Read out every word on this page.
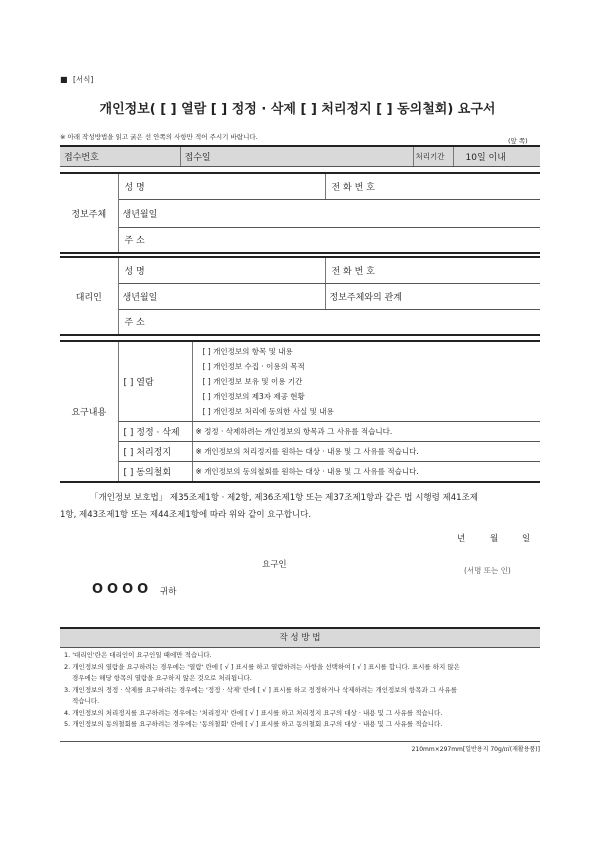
■ [서식]
개인정보( [ ] 열람 [ ] 정정 · 삭제 [ ] 처리정지 [ ] 동의철회) 요구서
※ 아래 작성방법을 읽고 굵은 선 안쪽의 사항만 적어 주시기 바랍니다.	(앞 쪽)
접수번호		접수일	처리기간	10일 이내
정보주체	성 명	전 화 번 호
생년월일
주 소
대리인	성 명	전 화 번 호
	생년월일	정보주체와의 관계
	주 소	
요구내용	[ ] 열람	[ ] 개인정보의 항목 및 내용
[ ] 개인정보 수집 · 이용의 목적
[ ] 개인정보 보유 및 이용 기간
[ ] 개인정보의 제3자 제공 현황
[ ] 개인정보 처리에 동의한 사실 및 내용

	[ ] 정정 · 삭제	※ 정정 · 삭제하려는 개인정보의 항목과 그 사유를 적습니다.
	[ ] 처리정지	※ 개인정보의 처리정지를 원하는 대상 · 내용 및 그 사유를 적습니다.
	[ ] 동의철회	※ 개인정보의 동의철회를 원하는 대상 · 내용 및 그 사유를 적습니다.
「개인정보 보호법」 제35조제1항 · 제2항, 제36조제1항 또는 제37조제1항과 같은 법 시행령 제41조제
1항, 제43조제1항 또는 제44조제1항에 따라 위와 같이 요구합니다.
년	월	일
요구인
(서명 또는 인)
OOOO 귀하
작 성 방 법
1. '대리인'란은 대리인이 요구인일 때에만 적습니다.
2. 개인정보의 열람을 요구하려는 경우에는 '열람' 란에 [ √ ] 표시를 하고 열람하려는 사항을 선택하여 [ √ ] 표시를 합니다. 표시를 하지 않은
경우에는 해당 항목의 열람을 요구하지 않은 것으로 처리됩니다.
3. 개인정보의 정정 · 삭제를 요구하려는 경우에는 '정정 · 삭제' 란에 [ √ ] 표시를 하고 정정하거나 삭제하려는 개인정보의 항목과 그 사유를
적습니다.
4. 개인정보의 처리정지를 요구하려는 경우에는 '처리정지' 란에 [ √ ] 표시를 하고 처리정지 요구의 대상 · 내용 및 그 사유를 적습니다.
5. 개인정보의 동의철회를 요구하려는 경우에는 '동의철회' 란에 [ √ ] 표시를 하고 동의철회 요구의 대상 · 내용 및 그 사유를 적습니다.
210mm×297mm[일반용지 70g/㎡(재활용품)]
